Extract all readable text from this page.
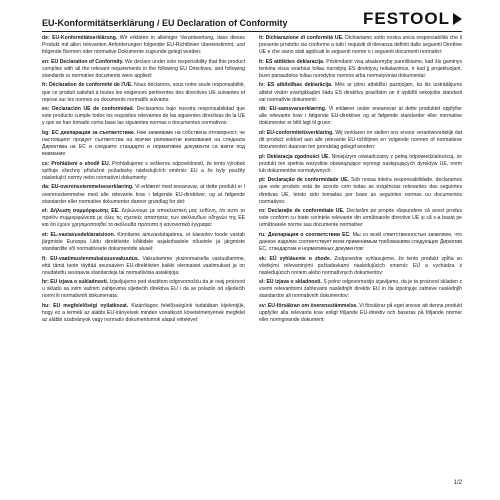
EU-Konformitätserklärung / EU Declaration of Conformity	FESTOOL

de: EU-Konformitätserklärung. Wir erklären in alleiniger Verantwortung, dass dieses Produkt mit allen relevanten Anforderungen folgender EU-Richtlinien übereinstimmt, und folgende Normen oder normative Dokumente zugrunde gelegt wurden:

en: EU Declaration of Conformity. We declare under sole responsibility that this product complies with all the relevant requirements in the following EU Directives, and following standards or normative documents were applied:

fr: Déclaration de conformité de l'UE. Nous déclarons, sous notre seule responsabilité, que ce produit satisfait à toutes les exigences pertinentes des directives UE suivantes et repose sur les normes ou documents normatifs suivants:

es: Declaración UE de conformidad. Declaramos bajo nuestra responsabilidad que este producto cumple todos los requisitos relevantes de las siguientes directivas de la UE y que se han tomado como base las siguientes normas o documentos normativos:

bg: ЕС декларация за съответствие. Ние заявяваме на собствена отговорност, че настоящият продукт съответства на всички релевантни изисквания на следната Директива на ЕС и следните стандарти и нормативни документи са взети под внимание:

cs: Prohlášení o shodě EU. Prohlašujeme s veškerou odpovědností, že tento výrobek splňuje všechny příslušné požadavky následujících směrnic EU a že byly použity následující normy nebo normativní dokumenty:

da: EU-overensstemmelseserklæring. Vi erklærer med eneansvar, at dette produkt er i overensstemmelse med alle relevante krav i følgende EU-direktiver, og at følgende standarder eller normative dokumenter danner grundlag for det:

el: Δήλωση συμμόρφωσης ΕΕ. Δηλώνουμε με αποκλειστική μας ευθύνη, ότι αυτό το προϊόν συμμορφώνεται με όλες τις σχετικές απαιτήσεις των ακόλουθων οδηγιών της ΕΕ και ότι έχουν χρησιμοποιηθεί τα ακόλουθα πρότυπα ή κανονιστικά έγγραφα:

et: EL-vastavusdeklaratsioon. Kinnitame ainuvastutajatena, et käesolev toode vastab järgmiste Euroopa Liidu direktiivide kõikidele asjakohastele nõuetele ja järgmiste standardite või normatiivsete dokumentide alusel:

fi: EU-vaatimustenmukaisuusvakuutus. Vakuutamme yksinomaisella vastuullamme, että tämä tuote täyttää seuraavien EU-direktiivien kaikki olennaiset vaatimukset ja on noudatettu seuraavia standardeja tai normatiivisia asiakirjoja:

hr: EU izjava o sukladnosti. Izjavljujemo pod vlastitom odgovornošću da je ovaj proizvod u skladu sa svim važnim zahtjevima sljedećih direktiva EU i da se polazilo od sljedećih normi ili normativnih dokumenata:

hu: EU megfelelőségi nyilatkozat. Kizárólagos felelősségünk tudatában kijelentjük, hogy ez a termék az alábbi EU-irányelvek minden vonatkozó követelményének megfelel az alábbi szabványok vagy normatív dokumentumok alapul vételével:

it: Dichiarazione di conformità UE. Dichiariamo sotto nostra unica responsabilità che il presente prodotto sia conforme a tutti i requisiti di rilevanza definiti dalle seguenti Direttive UE e che siano stati applicati le seguenti norme o i seguenti documenti normativi:

lt: ES atitikties deklaracija. Prisiimdami visą atsakomybę pareiškiame, kad šis gaminys tenkina visus svarbius toliau nurodytų ES direktyvų reikalavimus, ir kad jį projektuojant, buvo panaudotos toliau nurodytos normos arba normatyviniai dokumentai:

lv: ES atbilstības deklarācija. Mēs ar pilnu atbildību paziņojam, ka šis izstrādājums atbilst visām svarīgākajām šādu ES direktīvu prasībām un ir izpildīti sekojošie standarti vai normatīvie dokumenti:

nb: EU-samsvarserklæring. Vi erklærer under eneansvar at dette produktet oppfyller alle relevante krav i følgende EU-direktiver og at følgende standarder eller normative dokumenter er blitt lagt til grunn:

nl: EU-conformiteitsverklaring. Wij verklaren en stellen ons ervoor verantwoordelijk dat dit product voldoet aan alle relevante EU-richtlijnen en volgende normen of normatieve documenten daarvan ten grondslag gelegd worden:

pl: Deklaracja zgodności UE. Niniejszym oświadczamy z pełną odpowiedzialnością, że produkt ten spełnia wszystkie obowiązujące wymogi następujących dyrektyw UE, norm lub dokumentów normatywnych:

pt: Declaração de conformidade UE. Sob nossa inteira responsabilidade, declaramos que este produto está de acordo com todas as exigências relevantes das seguintes diretivas UE, tendo sido tomadas por base as seguintes normas ou documentos normativos:

ro: Declarație de conformitate UE. Declarăm pe proprie răspundere că acest produs este conform cu toate cerințele relevante din următoarele directive UE și că s-a bazat pe următoarele norme sau documente normative:

ru: Декларация о соответствии ЕС. Мы со всей ответственностью заявляем, что данное изделие соответствует всем применимым требованиям следующих Директив ЕС, стандартам и нормативных документов:

sk: EÚ vyhlásenie o zhode. Zodpovedne vyhlasujeme, že tento produkt spĺňa so všetkými relevantnými požiadavkami nasledujúcich smerníc EÚ a vychádza z nasledujúcich noriem alebo normatívnych dokumentov:

sl: EU izjava o skladnosti. S polno odgovornostjo izjavljamo, da je ta proizvod skladen z vsemi relevantnimi zahtevami naslednjih direktiv EU in da izpolnjuje zahteve naslednjih standardov ali normativnih dokumentov:

sv: EU-försäkran om överensstämmelse. Vi försäkrar på eget ansvar att denna produkt uppfyller alla relevanta krav enligt följande EU-direktiv och baseras på följande normer eller normgivande dokument:

1/2
